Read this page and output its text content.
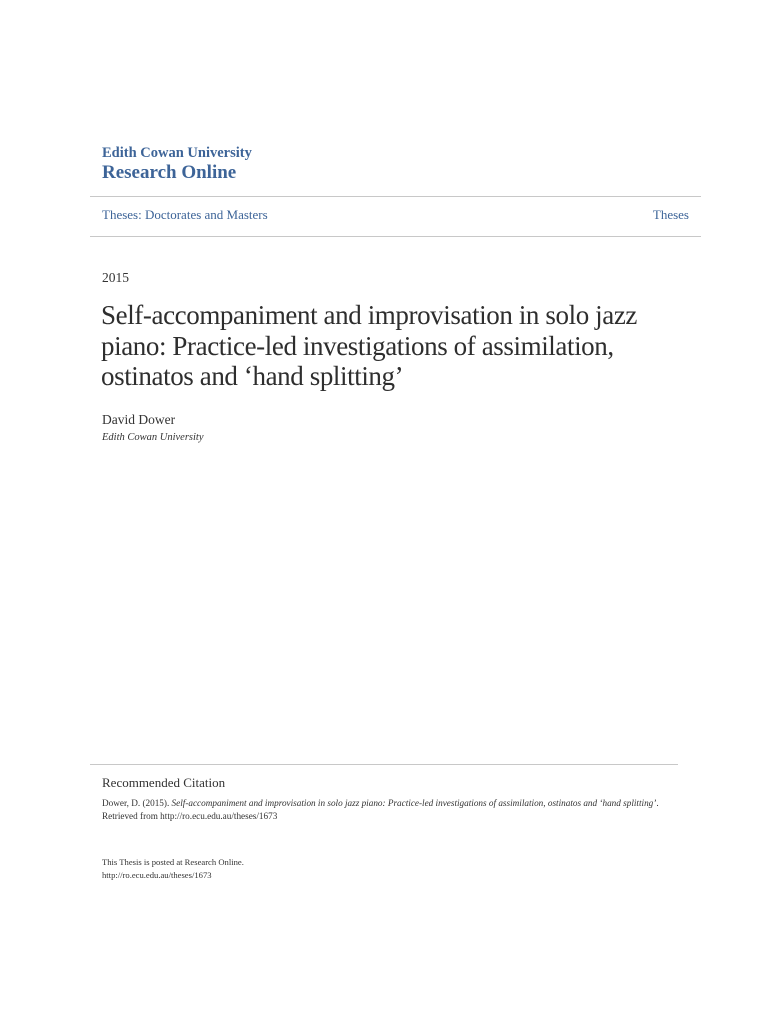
Edith Cowan University
Research Online
Theses: Doctorates and Masters	Theses
2015
Self-accompaniment and improvisation in solo jazz piano: Practice-led investigations of assimilation, ostinatos and ‘hand splitting’
David Dower
Edith Cowan University
Recommended Citation
Dower, D. (2015). Self-accompaniment and improvisation in solo jazz piano: Practice-led investigations of assimilation, ostinatos and ‘hand splitting’. Retrieved from http://ro.ecu.edu.au/theses/1673
This Thesis is posted at Research Online.
http://ro.ecu.edu.au/theses/1673
